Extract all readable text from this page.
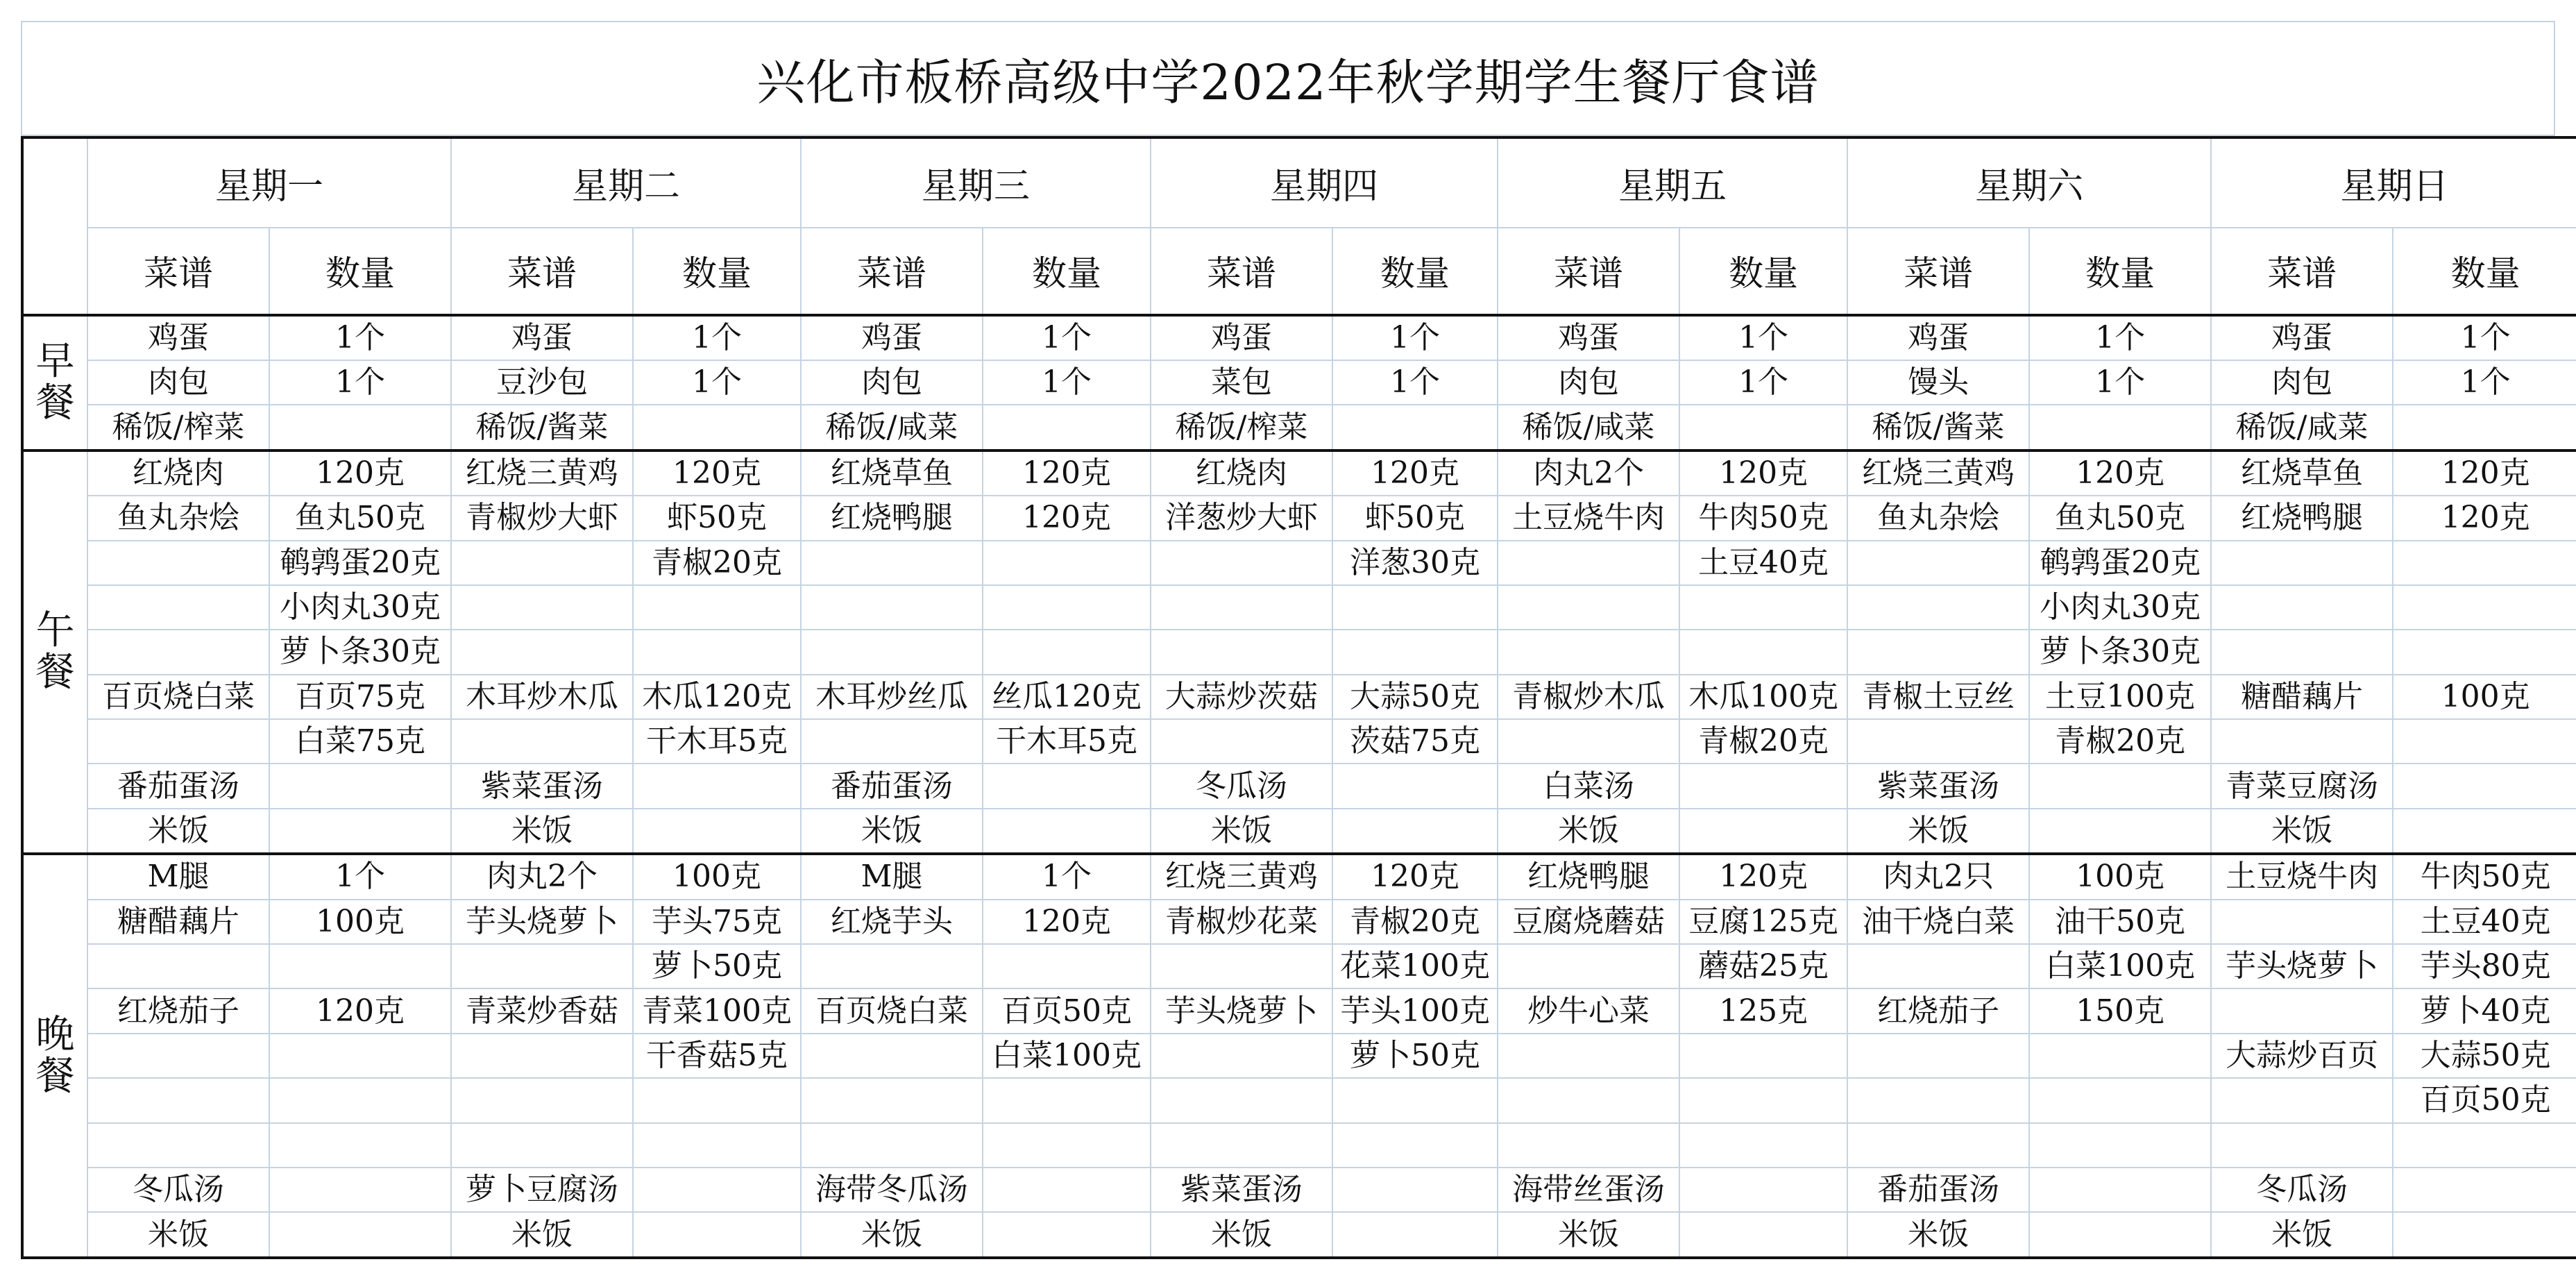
兴化市板桥高级中学2022年秋学期学生餐厅食谱
	星期一		星期二		星期三		星期四		星期五		星期六		星期日	
	菜谱	数量	菜谱	数量	菜谱	数量	菜谱	数量	菜谱	数量	菜谱	数量	菜谱	数量

早
餐	鸡蛋	1个	鸡蛋	1个	鸡蛋	1个	鸡蛋	1个	鸡蛋	1个	鸡蛋	1个	鸡蛋	1个
	肉包	1个	豆沙包	1个	肉包	1个	菜包	1个	肉包	1个	馒头	1个	肉包	1个
	稀饭/榨菜		稀饭/酱菜		稀饭/咸菜		稀饭/榨菜		稀饭/咸菜		稀饭/酱菜		稀饭/咸菜	

午
餐	红烧肉	120克	红烧三黄鸡	120克	红烧草鱼	120克	红烧肉	120克	肉丸2个	120克	红烧三黄鸡	120克	红烧草鱼	120克
	鱼丸杂烩	鱼丸50克	青椒炒大虾	虾50克	红烧鸭腿	120克	洋葱炒大虾	虾50克	土豆烧牛肉	牛肉50克	鱼丸杂烩	鱼丸50克	红烧鸭腿	120克
		鹌鹑蛋20克		青椒20克				洋葱30克		土豆40克		鹌鹑蛋20克		
		小肉丸30克										小肉丸30克		
		萝卜条30克										萝卜条30克		
	百页烧白菜	百页75克	木耳炒木瓜	木瓜120克	木耳炒丝瓜	丝瓜120克	大蒜炒茨菇	大蒜50克	青椒炒木瓜	木瓜100克	青椒土豆丝	土豆100克	糖醋藕片	100克
		白菜75克		干木耳5克		干木耳5克		茨菇75克		青椒20克		青椒20克		
	番茄蛋汤		紫菜蛋汤		番茄蛋汤		冬瓜汤		白菜汤		紫菜蛋汤		青菜豆腐汤	
	米饭		米饭		米饭		米饭		米饭		米饭		米饭	

晚
餐	M腿	1个	肉丸2个	100克	M腿	1个	红烧三黄鸡	120克	红烧鸭腿	120克	肉丸2只	100克	土豆烧牛肉	牛肉50克
	糖醋藕片	100克	芋头烧萝卜	芋头75克	红烧芋头	120克	青椒炒花菜	青椒20克	豆腐烧蘑菇	豆腐125克	油干烧白菜	油干50克		土豆40克
				萝卜50克				花菜100克		蘑菇25克		白菜100克	芋头烧萝卜	芋头80克
	红烧茄子	120克	青菜炒香菇	青菜100克	百页烧白菜	百页50克	芋头烧萝卜	芋头100克	炒牛心菜	125克	红烧茄子	150克		萝卜40克
				干香菇5克		白菜100克		萝卜50克					大蒜炒百页	大蒜50克
														百页50克

	冬瓜汤		萝卜豆腐汤		海带冬瓜汤		紫菜蛋汤		海带丝蛋汤		番茄蛋汤		冬瓜汤	
	米饭		米饭		米饭		米饭		米饭		米饭		米饭	
